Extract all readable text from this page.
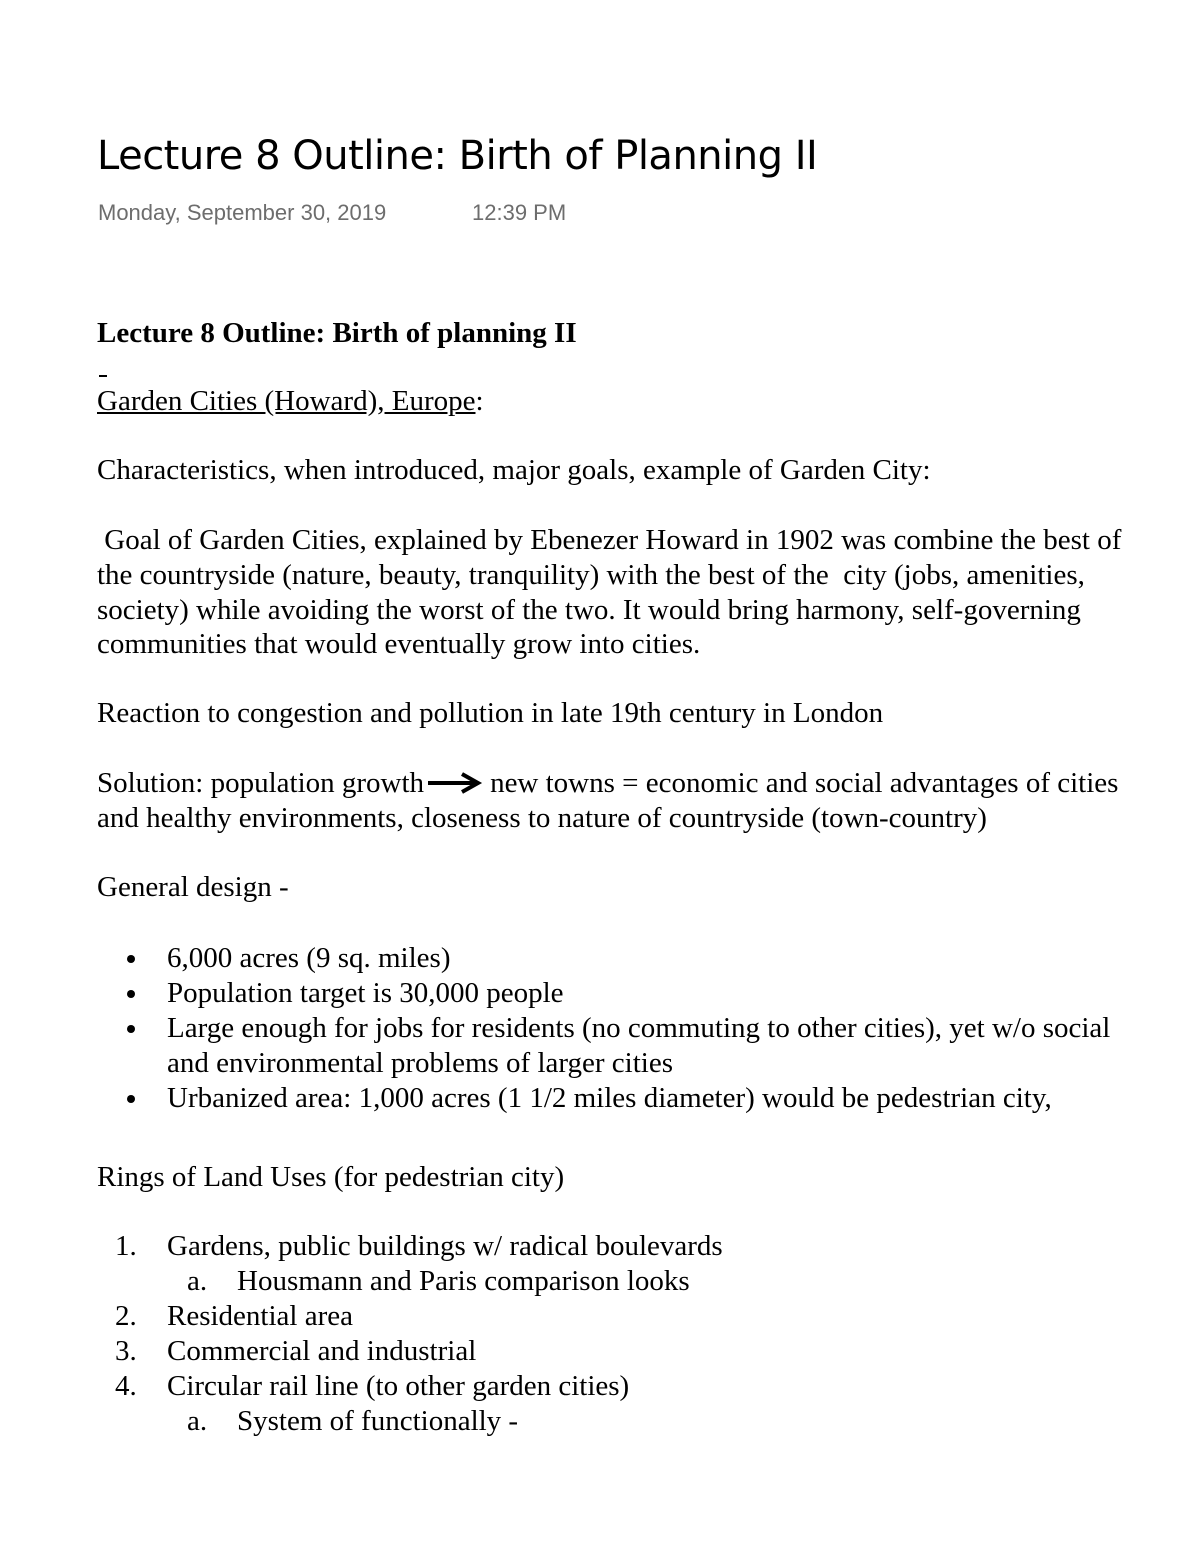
Lecture 8 Outline: Birth of Planning II
Monday, September 30, 2019	12:39 PM
Lecture 8 Outline: Birth of planning II
Garden Cities (Howard), Europe:
Characteristics, when introduced, major goals, example of Garden City:
Goal of Garden Cities, explained by Ebenezer Howard in 1902 was combine the best of
the countryside (nature, beauty, tranquility) with the best of the  city (jobs, amenities,
society) while avoiding the worst of the two. It would bring harmony, self-governing
communities that would eventually grow into cities.
Reaction to congestion and pollution in late 19th century in London
Solution: population growth new towns = economic and social advantages of cities
and healthy environments, closeness to nature of countryside (town-country)
General design -
6,000 acres (9 sq. miles)
Population target is 30,000 people
Large enough for jobs for residents (no commuting to other cities), yet w/o social
and environmental problems of larger cities
Urbanized area: 1,000 acres (1 1/2 miles diameter) would be pedestrian city,
Rings of Land Uses (for pedestrian city)
1. Gardens, public buildings w/ radical boulevards
a. Housmann and Paris comparison looks
2. Residential area
3. Commercial and industrial
4. Circular rail line (to other garden cities)
a. System of functionally -
